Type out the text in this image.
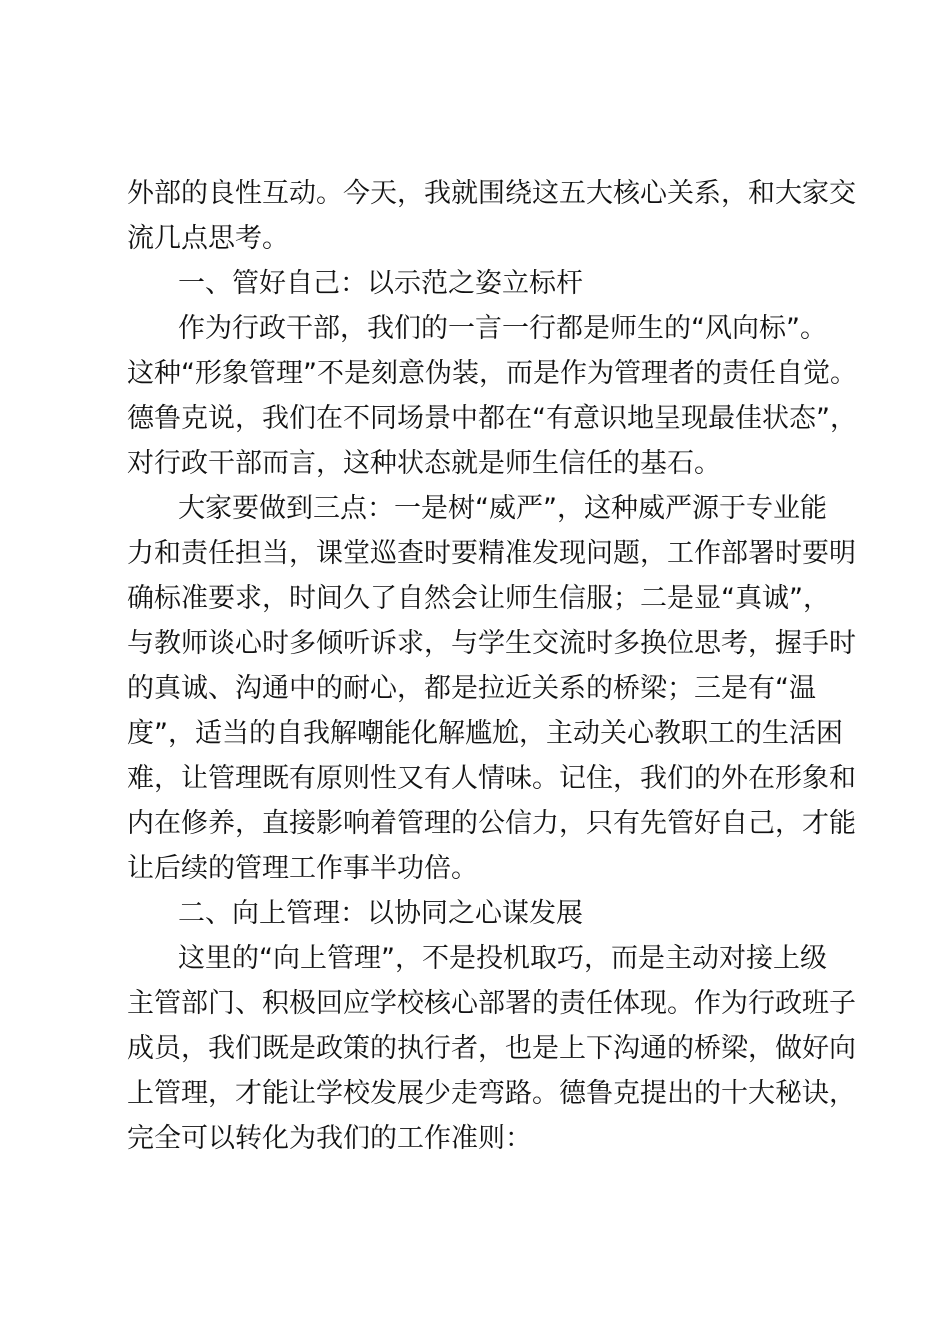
外部的良性互动。今天，我就围绕这五大核心关系，和大家交

流几点思考。

一、管好自己：以示范之姿立标杆

作为行政干部，我们的一言一行都是师生的“风向标”。

这种“形象管理”不是刻意伪装，而是作为管理者的责任自觉。

德鲁克说，我们在不同场景中都在“有意识地呈现最佳状态”，

对行政干部而言，这种状态就是师生信任的基石。

大家要做到三点：一是树“威严”，这种威严源于专业能

力和责任担当，课堂巡查时要精准发现问题，工作部署时要明

确标准要求，时间久了自然会让师生信服；二是显“真诚”，

与教师谈心时多倾听诉求，与学生交流时多换位思考，握手时

的真诚、沟通中的耐心，都是拉近关系的桥梁；三是有“温

度”，适当的自我解嘲能化解尴尬，主动关心教职工的生活困

难，让管理既有原则性又有人情味。记住，我们的外在形象和

内在修养，直接影响着管理的公信力，只有先管好自己，才能

让后续的管理工作事半功倍。

二、向上管理：以协同之心谋发展

这里的“向上管理”，不是投机取巧，而是主动对接上级

主管部门、积极回应学校核心部署的责任体现。作为行政班子

成员，我们既是政策的执行者，也是上下沟通的桥梁，做好向

上管理，才能让学校发展少走弯路。德鲁克提出的十大秘诀，

完全可以转化为我们的工作准则：
